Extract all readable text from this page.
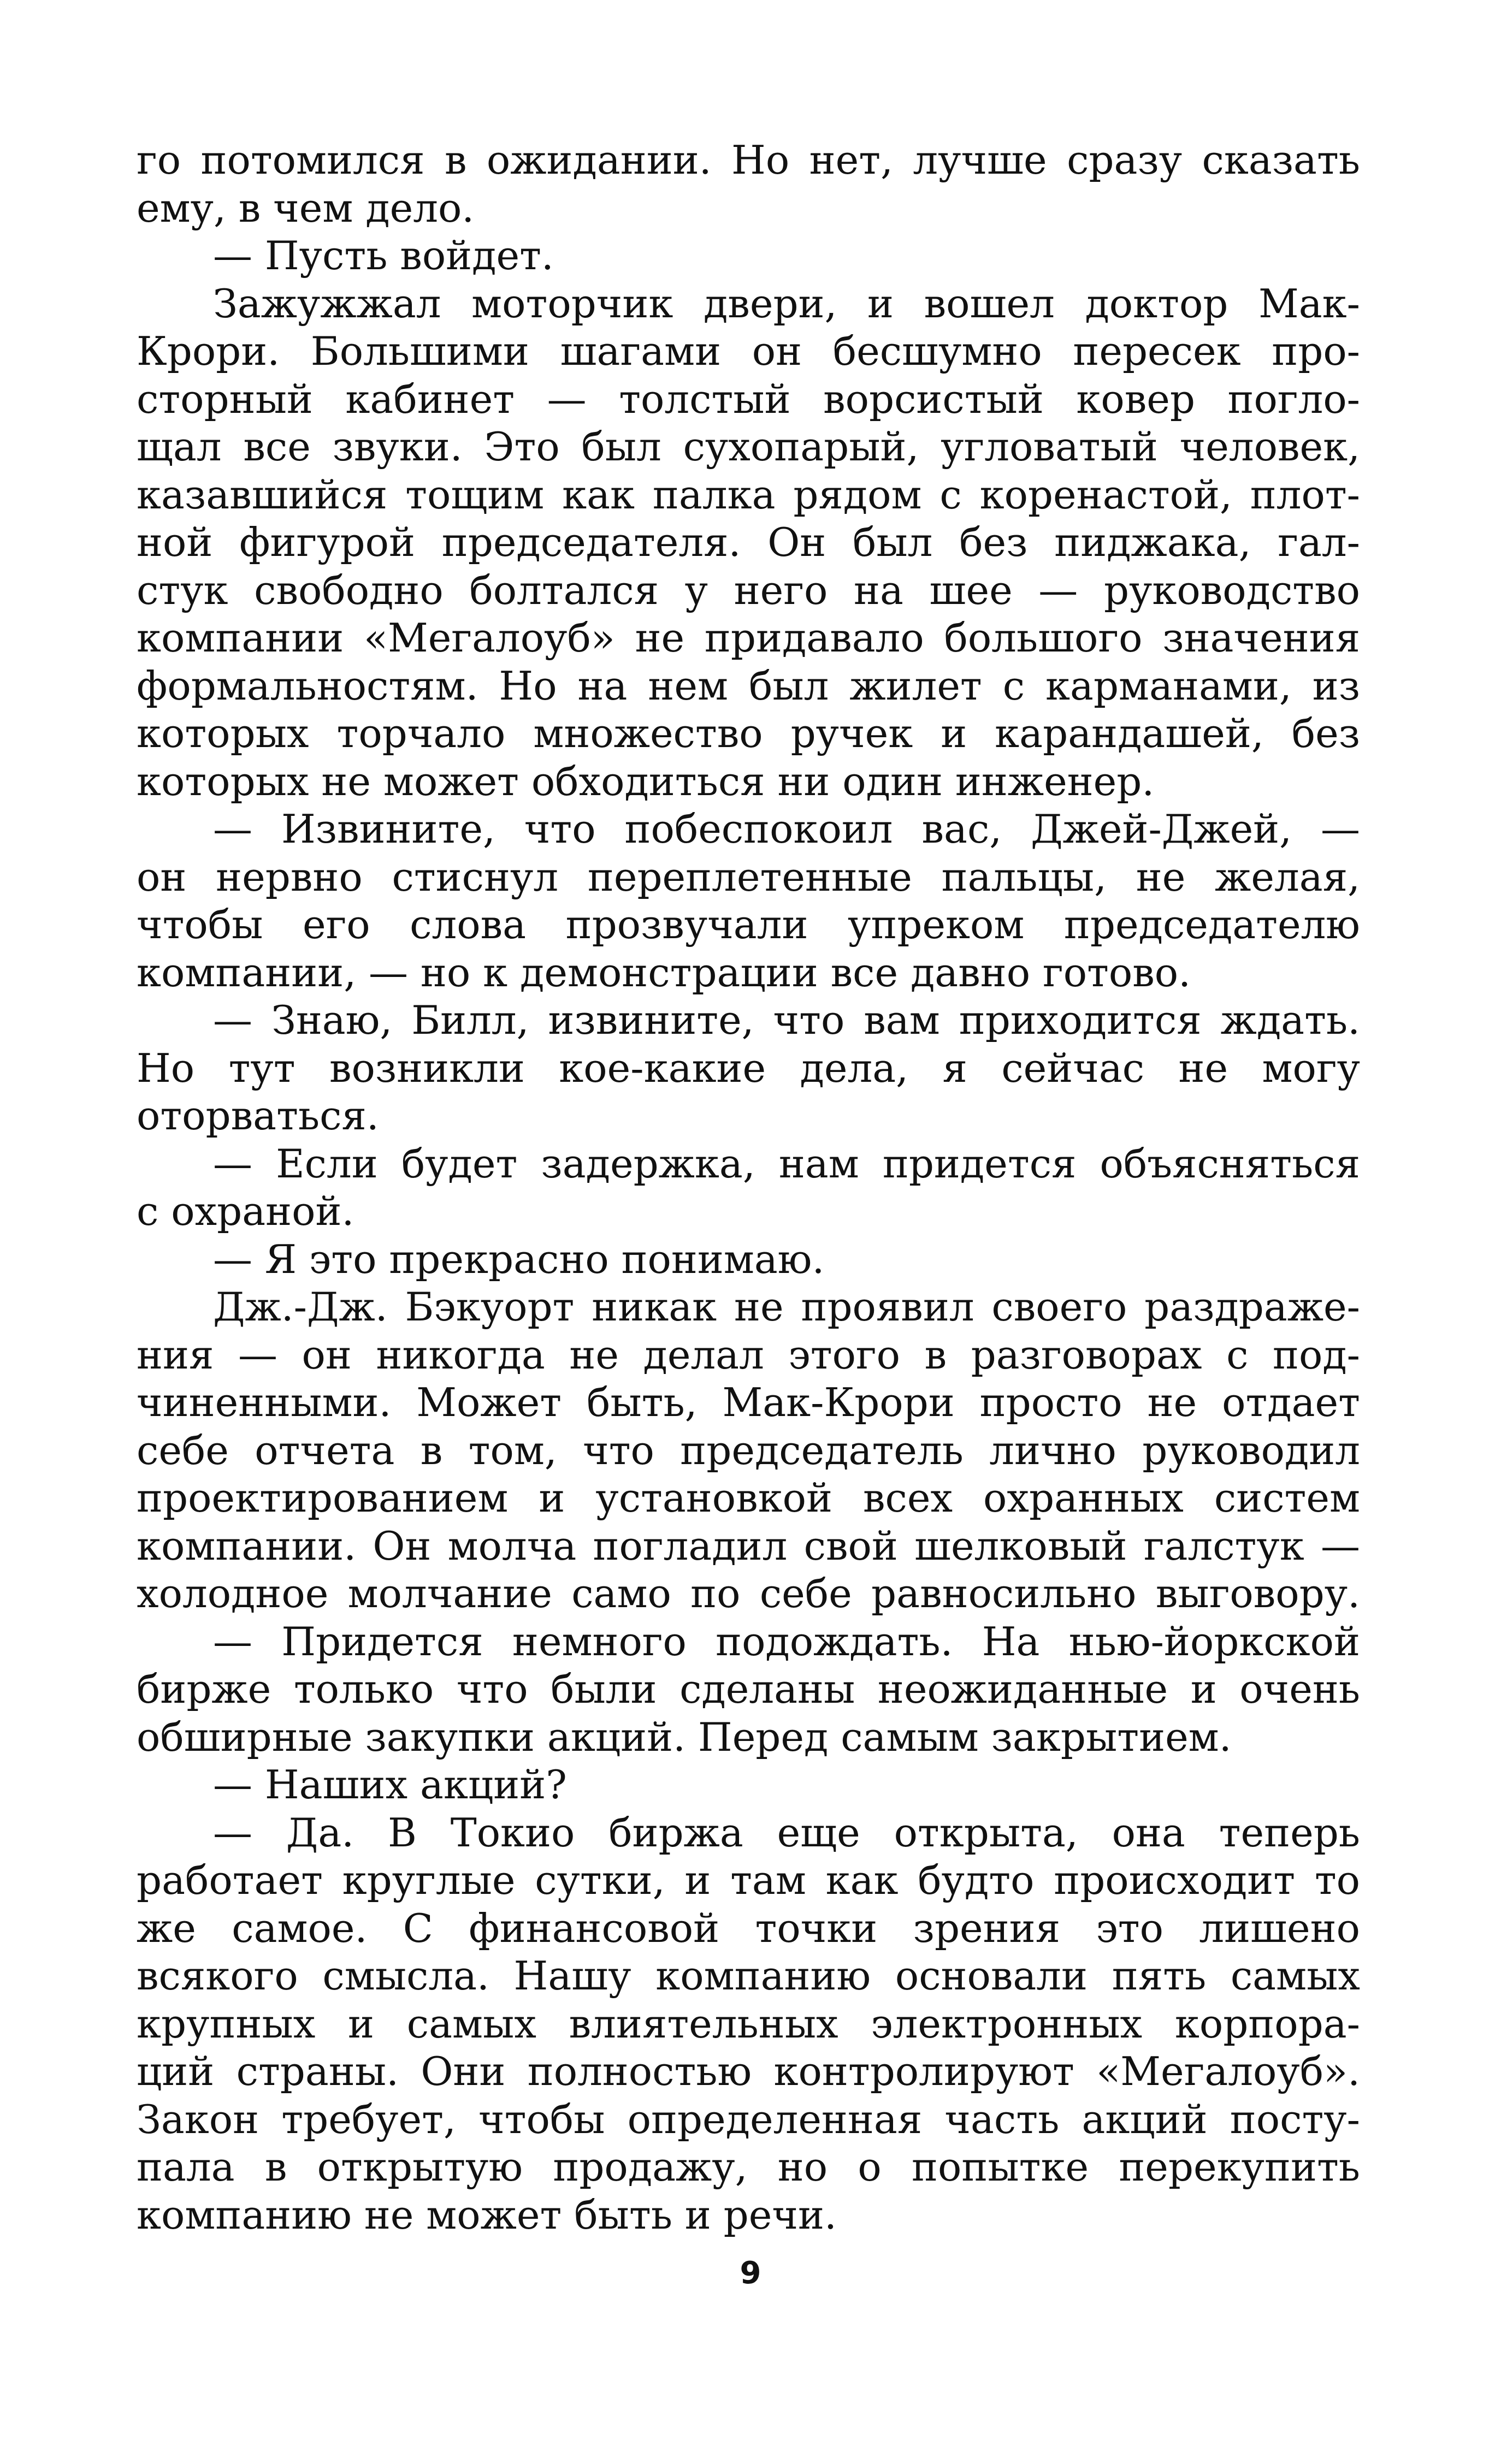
го потомился в ожидании. Но нет, лучше сразу сказать
ему, в чем дело.
— Пусть войдет.
Зажужжал моторчик двери, и вошел доктор Мак-
Крори. Большими шагами он бесшумно пересек про-
сторный кабинет — толстый ворсистый ковер погло-
щал все звуки. Это был сухопарый, угловатый человек,
казавшийся тощим как палка рядом с коренастой, плот-
ной фигурой председателя. Он был без пиджака, гал-
стук свободно болтался у него на шее — руководство
компании «Мегалоуб» не придавало большого значения
формальностям. Но на нем был жилет с карманами, из
которых торчало множество ручек и карандашей, без
которых не может обходиться ни один инженер.
— Извините, что побеспокоил вас, Джей-Джей, —
он нервно стиснул переплетенные пальцы, не желая,
чтобы его слова прозвучали упреком председателю
компании, — но к демонстрации все давно готово.
— Знаю, Билл, извините, что вам приходится ждать.
Но тут возникли кое-какие дела, я сейчас не могу
оторваться.
— Если будет задержка, нам придется объясняться
с охраной.
— Я это прекрасно понимаю.
Дж.-Дж. Бэкуорт никак не проявил своего раздраже-
ния — он никогда не делал этого в разговорах с под-
чиненными. Может быть, Мак-Крори просто не отдает
себе отчета в том, что председатель лично руководил
проектированием и установкой всех охранных систем
компании. Он молча погладил свой шелковый галстук —
холодное молчание само по себе равносильно выговору.
— Придется немного подождать. На нью-йоркской
бирже только что были сделаны неожиданные и очень
обширные закупки акций. Перед самым закрытием.
— Наших акций?
— Да. В Токио биржа еще открыта, она теперь
работает круглые сутки, и там как будто происходит то
же самое. С финансовой точки зрения это лишено
всякого смысла. Нашу компанию основали пять самых
крупных и самых влиятельных электронных корпора-
ций страны. Они полностью контролируют «Мегалоуб».
Закон требует, чтобы определенная часть акций посту-
пала в открытую продажу, но о попытке перекупить
компанию не может быть и речи.
9
